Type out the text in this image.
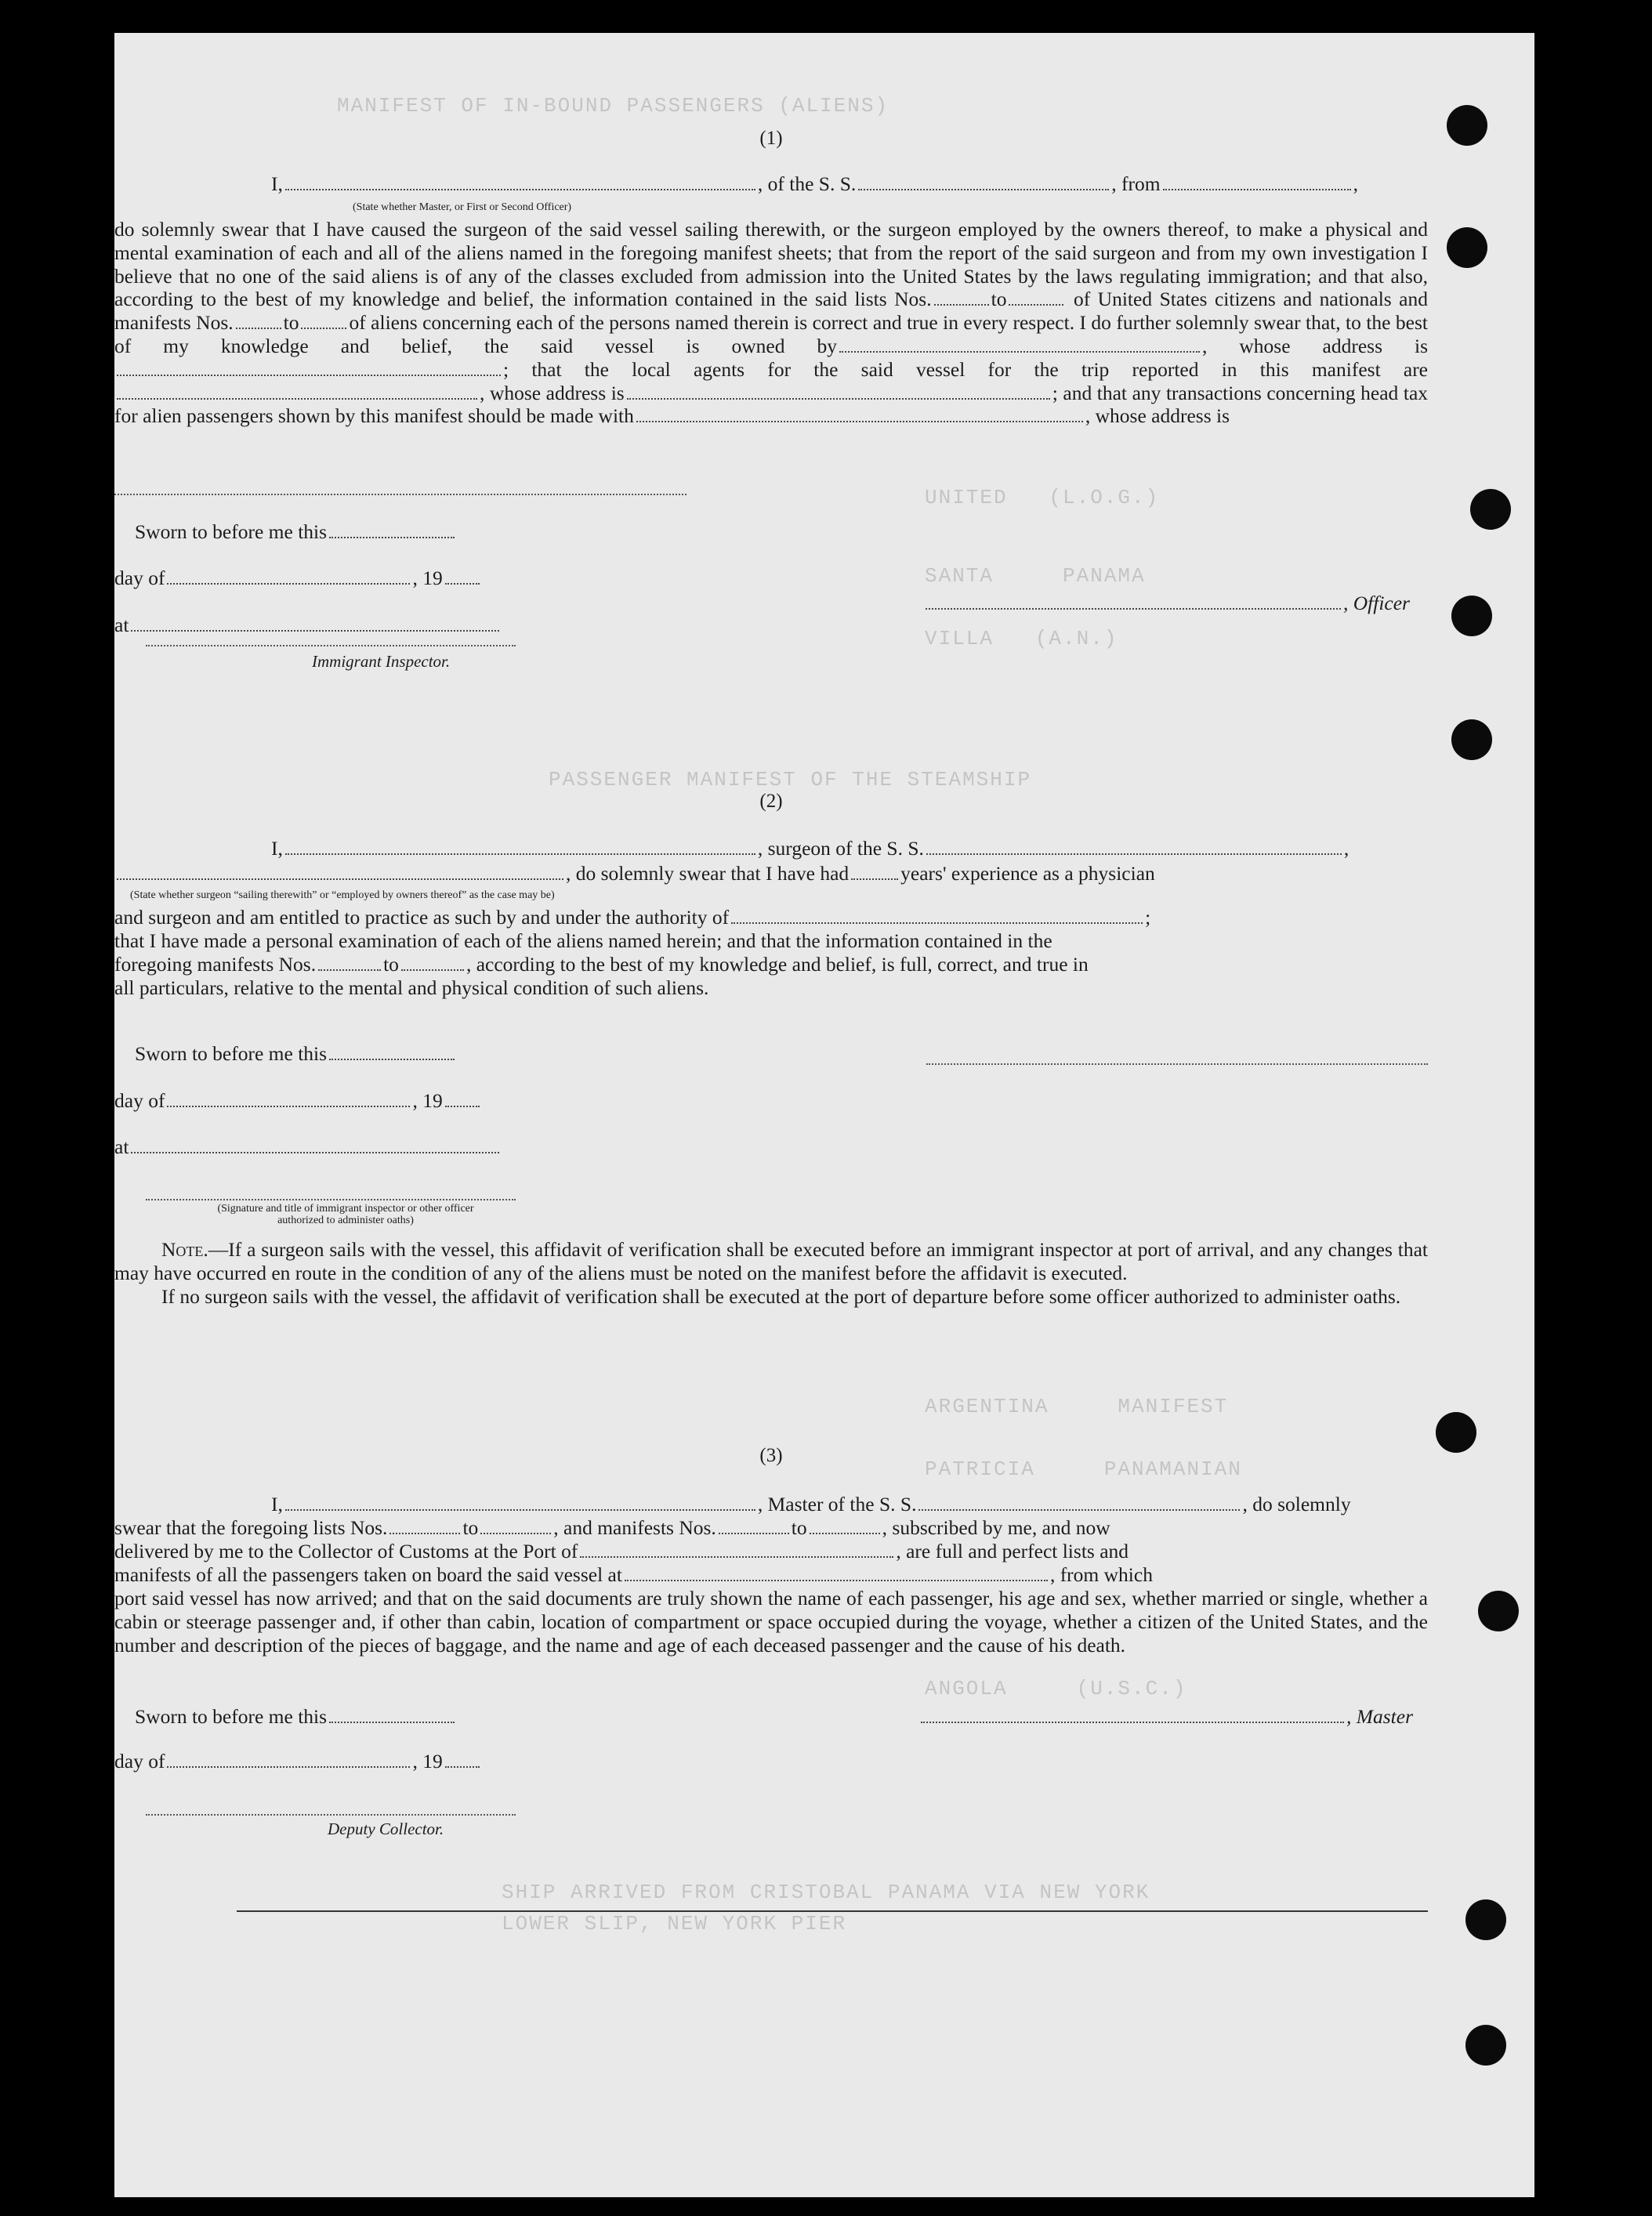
MANIFEST OF IN-BOUND PASSENGERS (ALIENS)
UNITED   (L.O.G.)
SANTA     PANAMA
VILLA   (A.N.)
PASSENGER MANIFEST OF THE STEAMSHIP
ARGENTINA     MANIFEST
PATRICIA     PANAMANIAN
ANGOLA     (U.S.C.)
SHIP ARRIVED FROM CRISTOBAL PANAMA VIA NEW YORK
LOWER SLIP, NEW YORK PIER
(1)
I,	, of the S. S.	, from	,
(State whether Master, or First or Second Officer)

do solemnly swear that I have caused the surgeon of the said vessel sailing therewith, or the surgeon employed by the owners thereof, to make a physical and mental examination of each and all of the aliens named in the foregoing manifest sheets; that from the report of the said surgeon and from my own investigation I believe that no one of the said aliens is of any of the classes excluded from admission into the United States by the laws regulating immigration; and that also, according to the best of my knowledge and belief, the information contained in the said lists Nos.	to	of United States citizens and nationals and manifests Nos.	to	of aliens concerning each of the persons named therein is correct and true in every respect. I do further solemnly swear that, to the best of my knowledge and belief, the said vessel is owned by	, whose address is; that the local agents for the said vessel for the trip reported in this manifest are, whose address is	; and that any transactions concerning head tax for alien passengers shown by this manifest should be made with	, whose address is

Sworn to before me this
day of	, 19
, Officer
at
Immigrant Inspector.
(2)
I,	, surgeon of the S. S.	,
, do solemnly swear that I have had	years' experience as a physician
(State whether surgeon “sailing therewith” or “employed by owners thereof” as the case may be)
and surgeon and am entitled to practice as such by and under the authority of	;
that I have made a personal examination of each of the aliens named herein; and that the information contained in the
foregoing manifests Nos.	to	, according to the best of my knowledge and belief, is full, correct, and true in
all particulars, relative to the mental and physical condition of such aliens.
Sworn to before me this
day of	, 19
at
(Signature and title of immigrant inspector or other officer authorized to administer oaths)

Note.—If a surgeon sails with the vessel, this affidavit of verification shall be executed before an immigrant inspector at port of arrival, and any changes that may have occurred en route in the condition of any of the aliens must be noted on the manifest before the affidavit is executed.

If no surgeon sails with the vessel, the affidavit of verification shall be executed at the port of departure before some officer authorized to administer oaths.

(3)
I,	, Master of the S. S.	, do solemnly
swear that the foregoing lists Nos.	to	, and manifests Nos.	to	, subscribed by me, and now
delivered by me to the Collector of Customs at the Port of	, are full and perfect lists and
manifests of all the passengers taken on board the said vessel at	, from which
port said vessel has now arrived; and that on the said documents are truly shown the name of each passenger, his age and sex, whether married or single, whether a cabin or steerage passenger and, if other than cabin, location of compartment or space occupied during the voyage, whether a citizen of the United States, and the number and description of the pieces of baggage, and the name and age of each deceased passenger and the cause of his death.
Sworn to before me this	, Master
day of	, 19
Deputy Collector.
